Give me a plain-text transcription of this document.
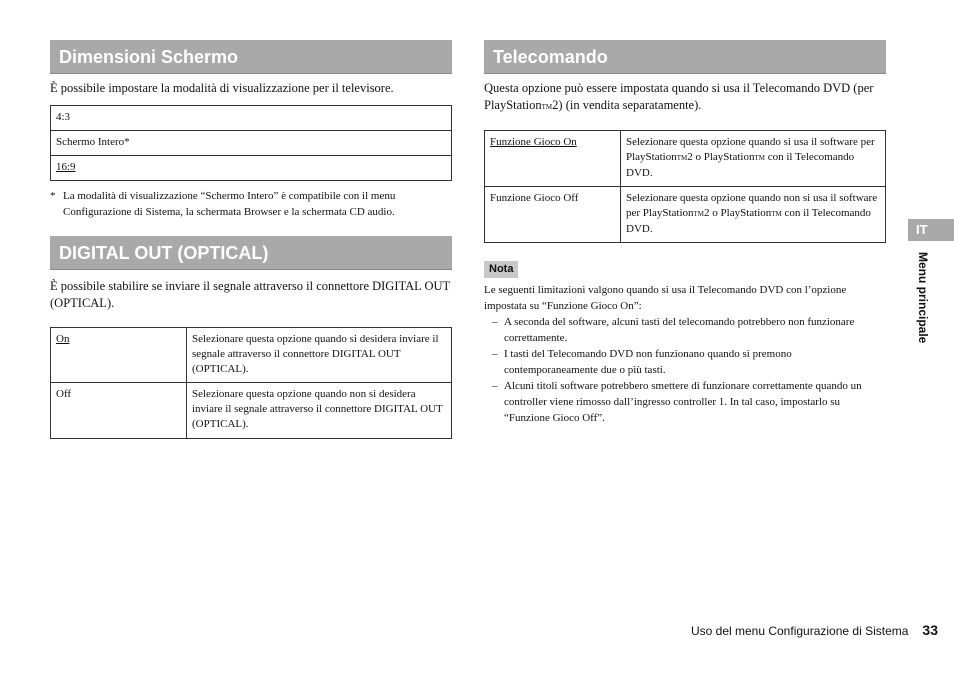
Dimensioni Schermo

È possibile impostare la modalità di visualizzazione per il televisore.

4:3
Schermo Intero*
16:9
* La modalità di visualizzazione “Schermo Intero” è compatibile con il menu Configurazione di Sistema, la schermata Browser e la schermata CD audio.
DIGITAL OUT (OPTICAL)

È possibile stabilire se inviare il segnale attraverso il connettore DIGITAL OUT (OPTICAL).

On	Selezionare questa opzione quando si desidera inviare il segnale attraverso il connettore DIGITAL OUT (OPTICAL).
Off	Selezionare questa opzione quando non si desidera inviare il segnale attraverso il connettore DIGITAL OUT (OPTICAL).
Telecomando

Questa opzione può essere impostata quando si usa il Telecomando DVD (per PlayStationTM2) (in vendita separatamente).

Funzione Gioco On	Selezionare questa opzione quando si usa il software per PlayStationTM2 o PlayStationTM con il Telecomando DVD.
Funzione Gioco Off	Selezionare questa opzione quando non si usa il software per PlayStationTM2 o PlayStationTM con il Telecomando DVD.
Nota
Le seguenti limitazioni valgono quando si usa il Telecomando DVD con l’opzione impostata su “Funzione Gioco On”:
– A seconda del software, alcuni tasti del telecomando potrebbero non funzionare correttamente.
– I tasti del Telecomando DVD non funzionano quando si premono contemporaneamente due o più tasti.
– Alcuni titoli software potrebbero smettere di funzionare correttamente quando un controller viene rimosso dall’ingresso controller 1. In tal caso, impostarlo su “Funzione Gioco Off”.
IT
Menu principale
Uso del menu Configurazione di Sistema 33
